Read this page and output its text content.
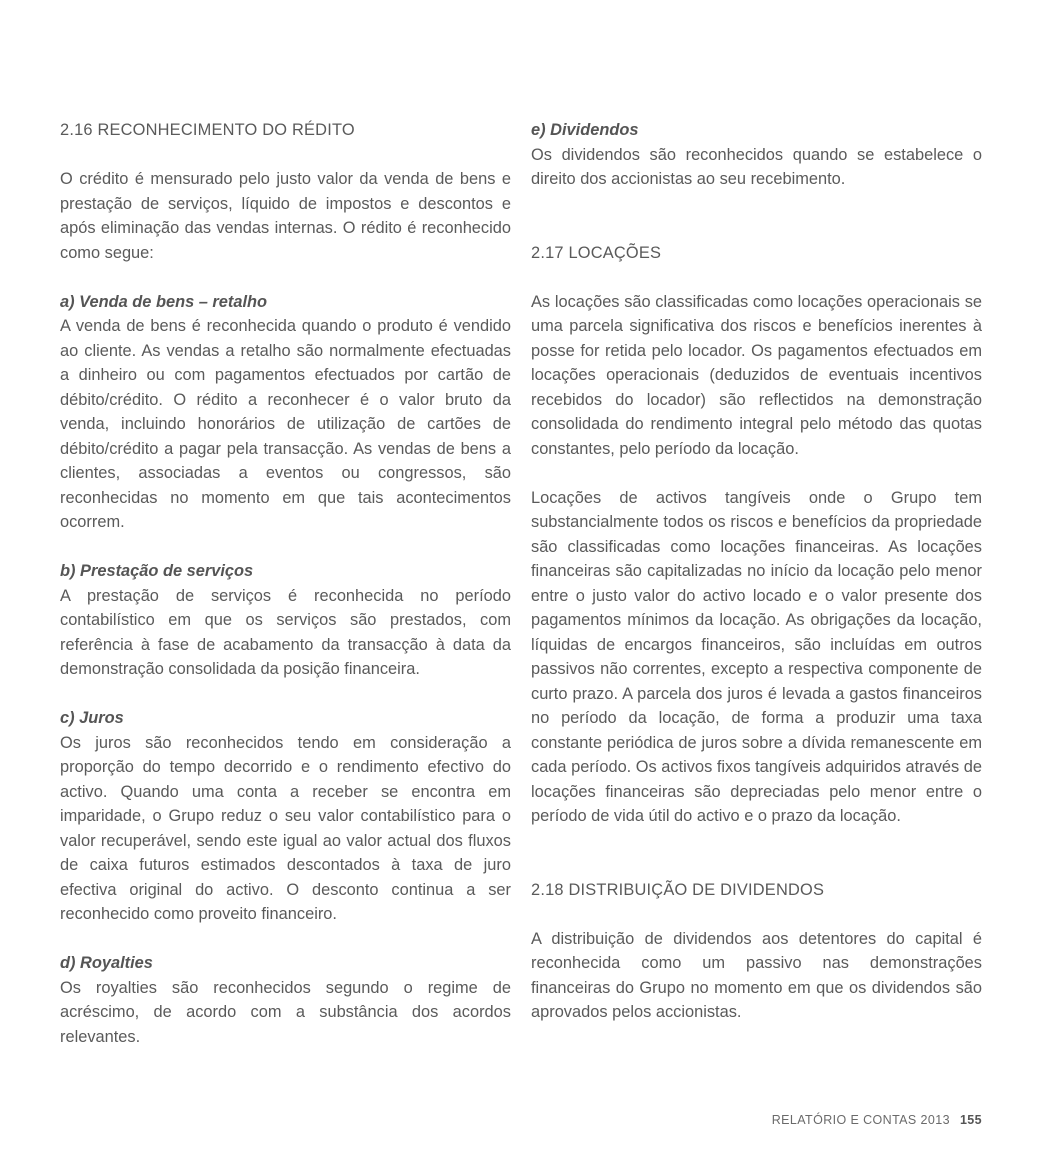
2.16 RECONHECIMENTO DO RÉDITO

O crédito é mensurado pelo justo valor da venda de bens e prestação de serviços, líquido de impostos e descontos e após eliminação das vendas internas. O rédito é reconhecido como segue:

a) Venda de bens – retalho

A venda de bens é reconhecida quando o produto é vendido ao cliente. As vendas a retalho são normalmente efectuadas a dinheiro ou com pagamentos efectuados por cartão de débito/crédito. O rédito a reconhecer é o valor bruto da venda, incluindo honorários de utilização de cartões de débito/crédito a pagar pela transacção. As vendas de bens a clientes, associadas a eventos ou congressos, são reconhecidas no momento em que tais acontecimentos ocorrem.

b) Prestação de serviços

A prestação de serviços é reconhecida no período contabilístico em que os serviços são prestados, com referência à fase de acabamento da transacção à data da demonstração consolidada da posição financeira.

c) Juros

Os juros são reconhecidos tendo em consideração a proporção do tempo decorrido e o rendimento efectivo do activo. Quando uma conta a receber se encontra em imparidade, o Grupo reduz o seu valor contabilístico para o valor recuperável, sendo este igual ao valor actual dos fluxos de caixa futuros estimados descontados à taxa de juro efectiva original do activo. O desconto continua a ser reconhecido como proveito financeiro.

d) Royalties

Os royalties são reconhecidos segundo o regime de acréscimo, de acordo com a substância dos acordos relevantes.

e) Dividendos

Os dividendos são reconhecidos quando se estabelece o direito dos accionistas ao seu recebimento.

2.17 LOCAÇÕES

As locações são classificadas como locações operacionais se uma parcela significativa dos riscos e benefícios inerentes à posse for retida pelo locador. Os pagamentos efectuados em locações operacionais (deduzidos de eventuais incentivos recebidos do locador) são reflectidos na demonstração consolidada do rendimento integral pelo método das quotas constantes, pelo período da locação.

Locações de activos tangíveis onde o Grupo tem substancialmente todos os riscos e benefícios da propriedade são classificadas como locações financeiras. As locações financeiras são capitalizadas no início da locação pelo menor entre o justo valor do activo locado e o valor presente dos pagamentos mínimos da locação. As obrigações da locação, líquidas de encargos financeiros, são incluídas em outros passivos não correntes, excepto a respectiva componente de curto prazo. A parcela dos juros é levada a gastos financeiros no período da locação, de forma a produzir uma taxa constante periódica de juros sobre a dívida remanescente em cada período. Os activos fixos tangíveis adquiridos através de locações financeiras são depreciadas pelo menor entre o período de vida útil do activo e o prazo da locação.

2.18 DISTRIBUIÇÃO DE DIVIDENDOS

A distribuição de dividendos aos detentores do capital é reconhecida como um passivo nas demonstrações financeiras do Grupo no momento em que os dividendos são aprovados pelos accionistas.

RELATÓRIO E CONTAS 2013 155
